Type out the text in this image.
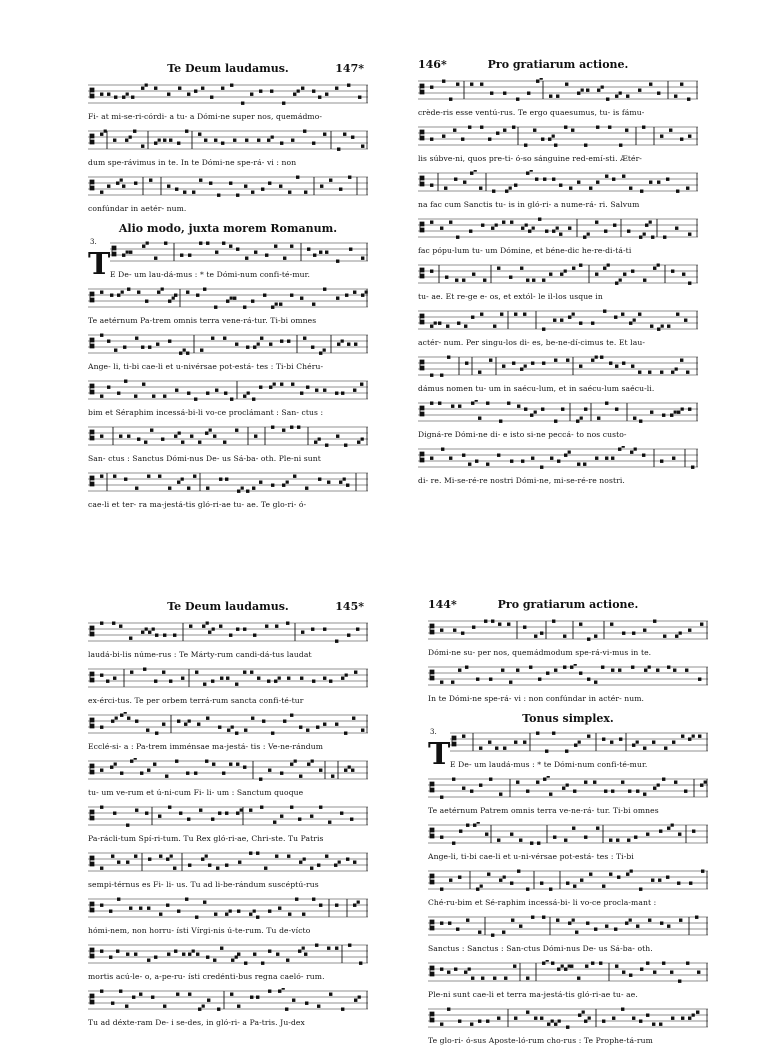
Te Deum laudamus.	147*
Fi- at mi-se-ri-córdi- a tu- a Dómi-ne super nos, quemádmo-
dum spe-rávimus in te. In te Dómi-ne spe-rá- vi : non
confúndar in aetér- num.
Alio modo, juxta morem Romanum.
3.
T E De- um lau-dá-mus : * te Dómi-num confi-té-mur.
Te aetérnum Pa-trem omnis terra vene-rá-tur. Ti-bi omnes
Ange- li, ti-bi cae-li et u-nivérsae pot-está- tes : Ti-bi Chéru-
bim et Séraphim incessá-bi-li vo-ce proclámant : San- ctus :
San- ctus : Sanctus Dómi-nus De- us Sá-ba- oth. Ple-ni sunt
cae-li et ter- ra ma-jestá-tis gló-ri-ae tu- ae. Te glo-ri- ó-
146*	Pro gratiarum actione.
crède-ris esse ventú-rus. Te ergo quaesumus, tu- is fámu-
lis súbve-ni, quos pre-ti- ó-so sánguine red-emí-sti. Ætér-
na fac cum Sanctis tu- is in gló-ri- a nume-rá- ri. Salvum
fac pópu-lum tu- um Dómine, et béne-dic he-re-di-tá-ti
tu- ae. Et re-ge e- os, et extól- le il-los usque in
actér- num. Per singu-los di- es, be-ne-dí-cimus te. Et lau-
dámus nomen tu- um in saécu-lum, et in saécu-lum saécu-li.
Digná-re Dómi-ne di- e isto si-ne peccá- to nos custo-
di- re. Mi-se-ré-re nostri Dómi-ne, mi-se-ré-re nostri.
Te Deum laudamus.	145*
laudá-bi-lis núme-rus : Te Márty-rum candi-dá-tus laudat
ex-érci-tus. Te per orbem terrá-rum sancta confi-té-tur
Ecclé-si- a : Pa-trem imménsae ma-jestá- tis : Ve-ne-rándum
tu- um ve-rum et ú-ni-cum Fi- li- um : Sanctum quoque
Pa-rácli-tum Spí-ri-tum. Tu Rex gló-ri-ae, Chri-ste. Tu Patris
sempi-térnus es Fi- li- us. Tu ad li-be-rándum suscéptú-rus
hómi-nem, non horru- ísti Vírgi-nis ú-te-rum. Tu de-vícto
mortis acú-le- o, a-pe-ru- ísti credénti-bus regna caeló- rum.
Tu ad déxte-ram De- i se-des, in gló-ri- a Pa-tris. Ju-dex
144*	Pro gratiarum actione.
Dómi-ne su- per nos, quemádmodum spe-rá-vi-mus in te.
In te Dómi-ne spe-rá- vi : non confúndar in actér- num.
Tonus simplex.
3.
T E De- um laudá-mus : * te Dómi-num confi-té-mur.
Te aetérnum Patrem omnis terra ve-ne-rá- tur. Ti-bi omnes
Ange-li, ti-bi cae-li et u-ni-vérsae pot-está- tes : Ti-bi
Ché-ru-bim et Sé-raphim incessá-bi- li vo-ce procla-mant :
Sanctus : Sanctus : San-ctus Dómi-nus De- us Sá-ba- oth.
Ple-ni sunt cae-li et terra ma-jestá-tis gló-ri-ae tu- ae.
Te glo-ri- ó-sus Aposte-ló-rum cho-rus : Te Prophe-tá-rum
